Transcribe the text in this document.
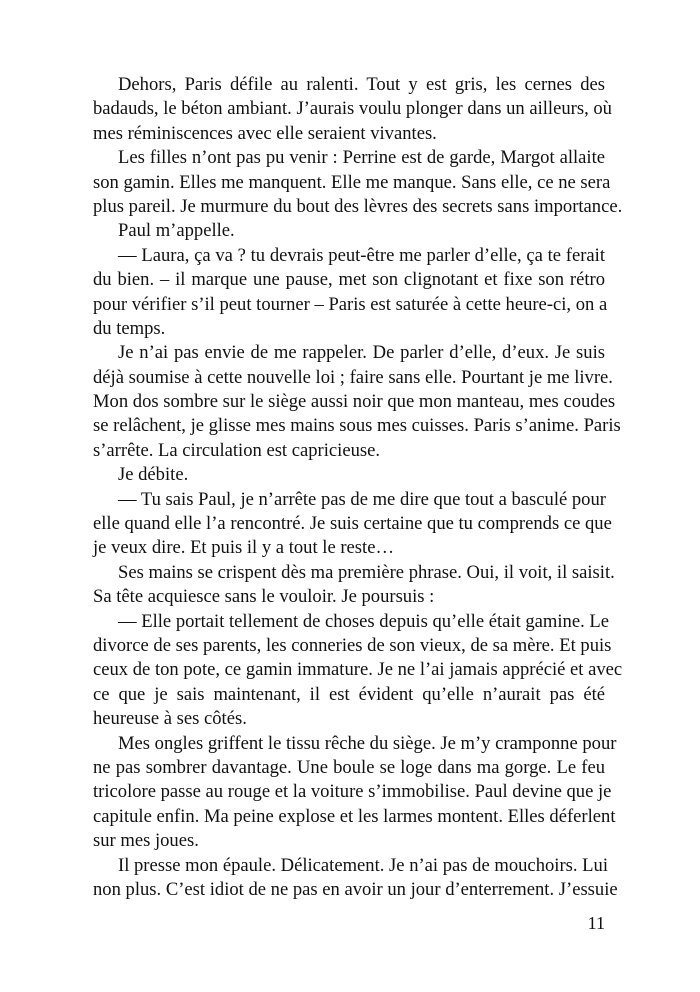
Dehors, Paris défile au ralenti. Tout y est gris, les cernes des
badauds, le béton ambiant. J’aurais voulu plonger dans un ailleurs, où
mes réminiscences avec elle seraient vivantes.
Les filles n’ont pas pu venir : Perrine est de garde, Margot allaite
son gamin. Elles me manquent. Elle me manque. Sans elle, ce ne sera
plus pareil. Je murmure du bout des lèvres des secrets sans importance.
Paul m’appelle.
— Laura, ça va ? tu devrais peut-être me parler d’elle, ça te ferait
du bien. – il marque une pause, met son clignotant et fixe son rétro
pour vérifier s’il peut tourner – Paris est saturée à cette heure-ci, on a
du temps.
Je n’ai pas envie de me rappeler. De parler d’elle, d’eux. Je suis
déjà soumise à cette nouvelle loi ; faire sans elle. Pourtant je me livre.
Mon dos sombre sur le siège aussi noir que mon manteau, mes coudes
se relâchent, je glisse mes mains sous mes cuisses. Paris s’anime. Paris
s’arrête. La circulation est capricieuse.
Je débite.
— Tu sais Paul, je n’arrête pas de me dire que tout a basculé pour
elle quand elle l’a rencontré. Je suis certaine que tu comprends ce que
je veux dire. Et puis il y a tout le reste…
Ses mains se crispent dès ma première phrase. Oui, il voit, il saisit.
Sa tête acquiesce sans le vouloir. Je poursuis :
— Elle portait tellement de choses depuis qu’elle était gamine. Le
divorce de ses parents, les conneries de son vieux, de sa mère. Et puis
ceux de ton pote, ce gamin immature. Je ne l’ai jamais apprécié et avec
ce que je sais maintenant, il est évident qu’elle n’aurait pas été
heureuse à ses côtés.
Mes ongles griffent le tissu rêche du siège. Je m’y cramponne pour
ne pas sombrer davantage. Une boule se loge dans ma gorge. Le feu
tricolore passe au rouge et la voiture s’immobilise. Paul devine que je
capitule enfin. Ma peine explose et les larmes montent. Elles déferlent
sur mes joues.
Il presse mon épaule. Délicatement. Je n’ai pas de mouchoirs. Lui
non plus. C’est idiot de ne pas en avoir un jour d’enterrement. J’essuie
11
